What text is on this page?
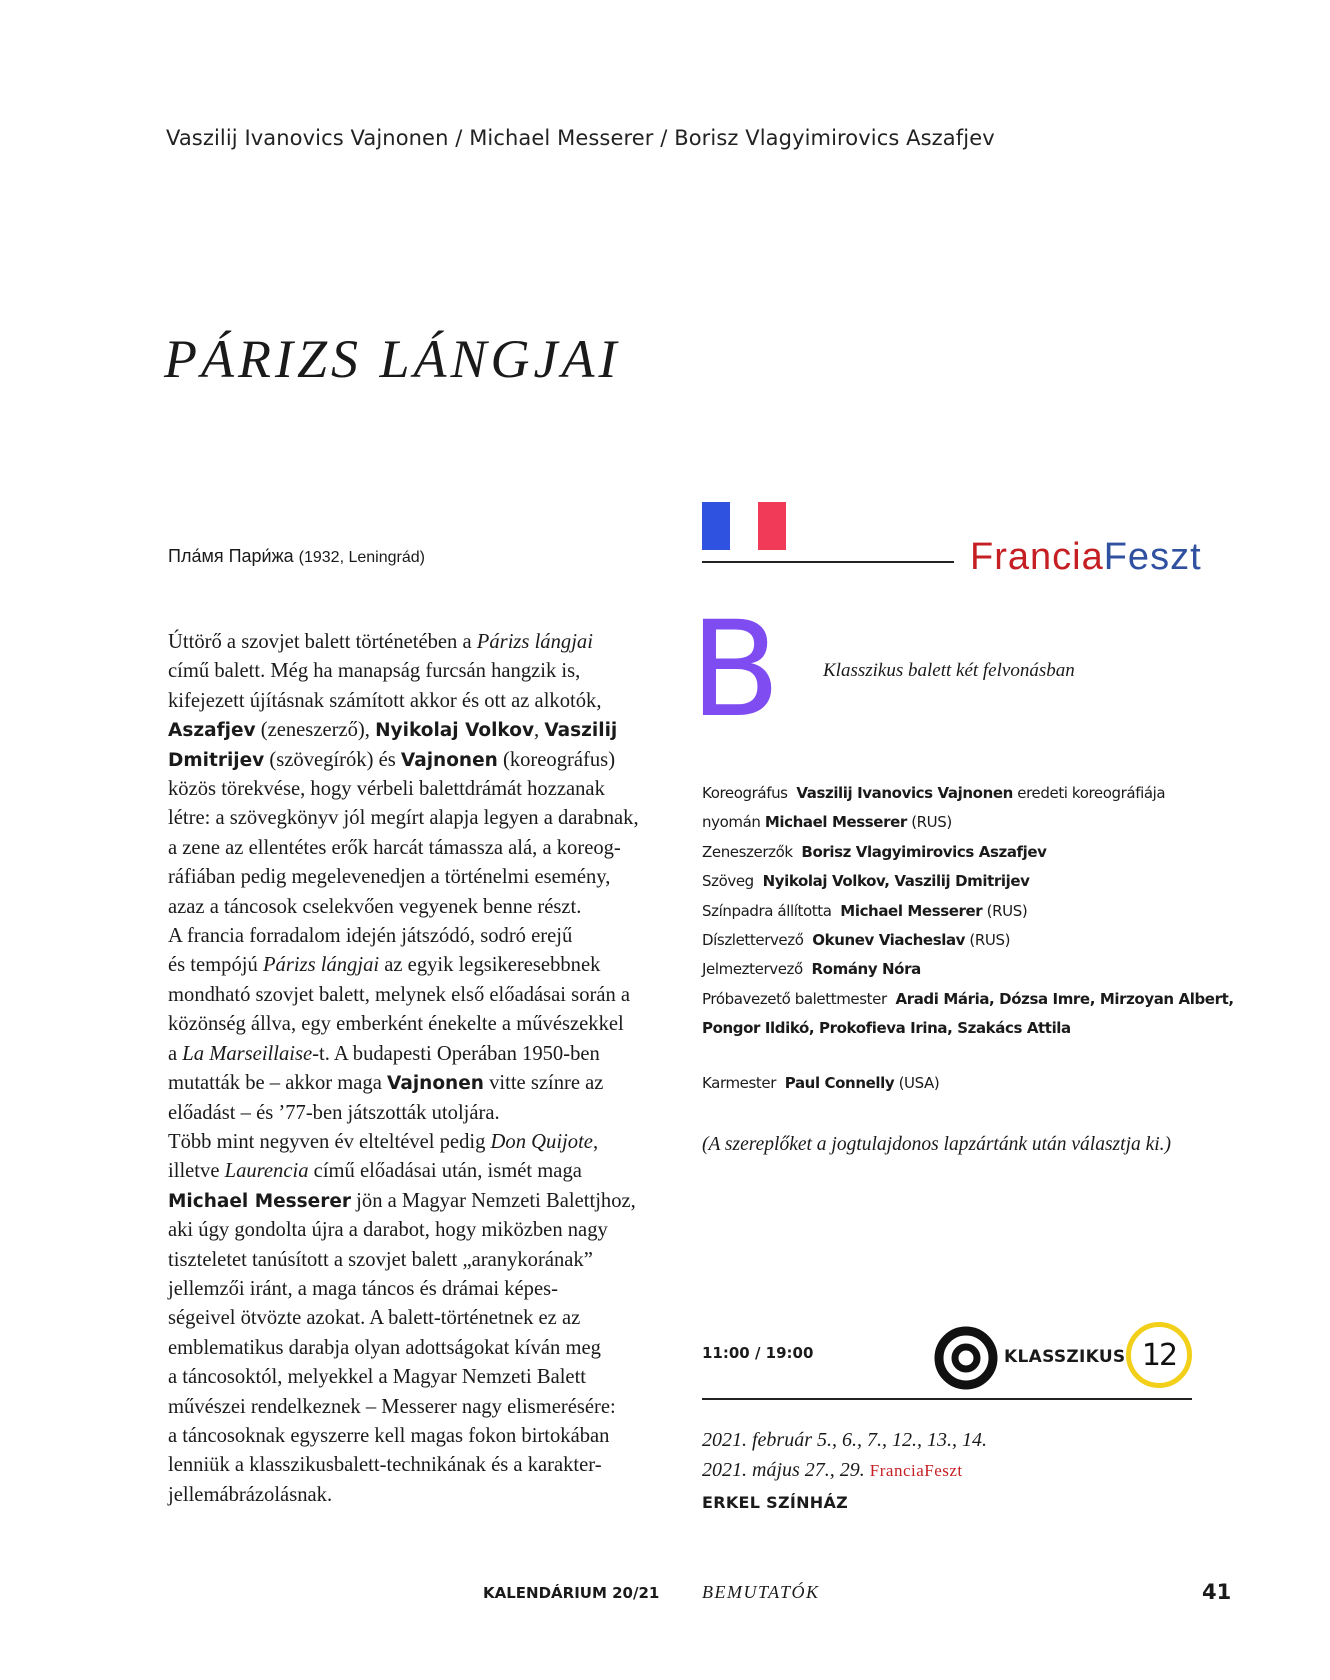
Vaszilij Ivanovics Vajnonen / Michael Messerer / Borisz Vlagyimirovics Aszafjev
PÁRIZS LÁNGJAI
Пла́мя Пари́жа (1932, Leningrád)
Úttörő a szovjet balett történetében a Párizs lángjai
című balett. Még ha manapság furcsán hangzik is,
kifejezett újításnak számított akkor és ott az alkotók,
Aszafjev (zeneszerző), Nyikolaj Volkov, Vaszilij
Dmitrijev (szövegírók) és Vajnonen (koreográfus)
közös törekvése, hogy vérbeli balettdrámát hozzanak
létre: a szövegkönyv jól megírt alapja legyen a darabnak,
a zene az ellentétes erők harcát támassza alá, a koreog-
ráfiában pedig megelevenedjen a történelmi esemény,
azaz a táncosok cselekvően vegyenek benne részt.
A francia forradalom idején játszódó, sodró erejű
és tempójú Párizs lángjai az egyik legsikeresebbnek
mondható szovjet balett, melynek első előadásai során a
közönség állva, egy emberként énekelte a művészekkel
a La Marseillaise-t. A budapesti Operában 1950-ben
mutatták be – akkor maga Vajnonen vitte színre az
előadást – és ’77-ben játszották utoljára.
Több mint negyven év elteltével pedig Don Quijote,
illetve Laurencia című előadásai után, ismét maga
Michael Messerer jön a Magyar Nemzeti Balettjhoz,
aki úgy gondolta újra a darabot, hogy miközben nagy
tiszteletet tanúsított a szovjet balett „aranykorának”
jellemzői iránt, a maga táncos és drámai képes-
ségeivel ötvözte azokat. A balett-történetnek ez az
emblematikus darabja olyan adottságokat kíván meg
a táncosoktól, melyekkel a Magyar Nemzeti Balett
művészei rendelkeznek – Messerer nagy elismerésére:
a táncosoknak egyszerre kell magas fokon birtokában
lenniük a klasszikusbalett-technikának és a karakter-
jellemábrázolásnak.
FranciaFeszt
B Klasszikus balett két felvonásban
Koreográfus Vaszilij Ivanovics Vajnonen eredeti koreográfiája
nyomán Michael Messerer (RUS)
Zeneszerzők Borisz Vlagyimirovics Aszafjev
Szöveg Nyikolaj Volkov, Vaszilij Dmitrijev
Színpadra állította Michael Messerer (RUS)
Díszlettervező Okunev Viacheslav (RUS)
Jelmeztervező Romány Nóra
Próbavezető balettmester Aradi Mária, Dózsa Imre, Mirzoyan Albert,
Pongor Ildikó, Prokofieva Irina, Szakács Attila
Karmester Paul Connelly (USA)
(A szereplőket a jogtulajdonos lapzártánk után választja ki.)
11:00 / 19:00	KLASSZIKUS 12
2021. február 5., 6., 7., 12., 13., 14.
2021. május 27., 29. FranciaFeszt
ERKEL SZÍNHÁZ
KALENDÁRIUM 20/21 BEMUTATÓK	41
